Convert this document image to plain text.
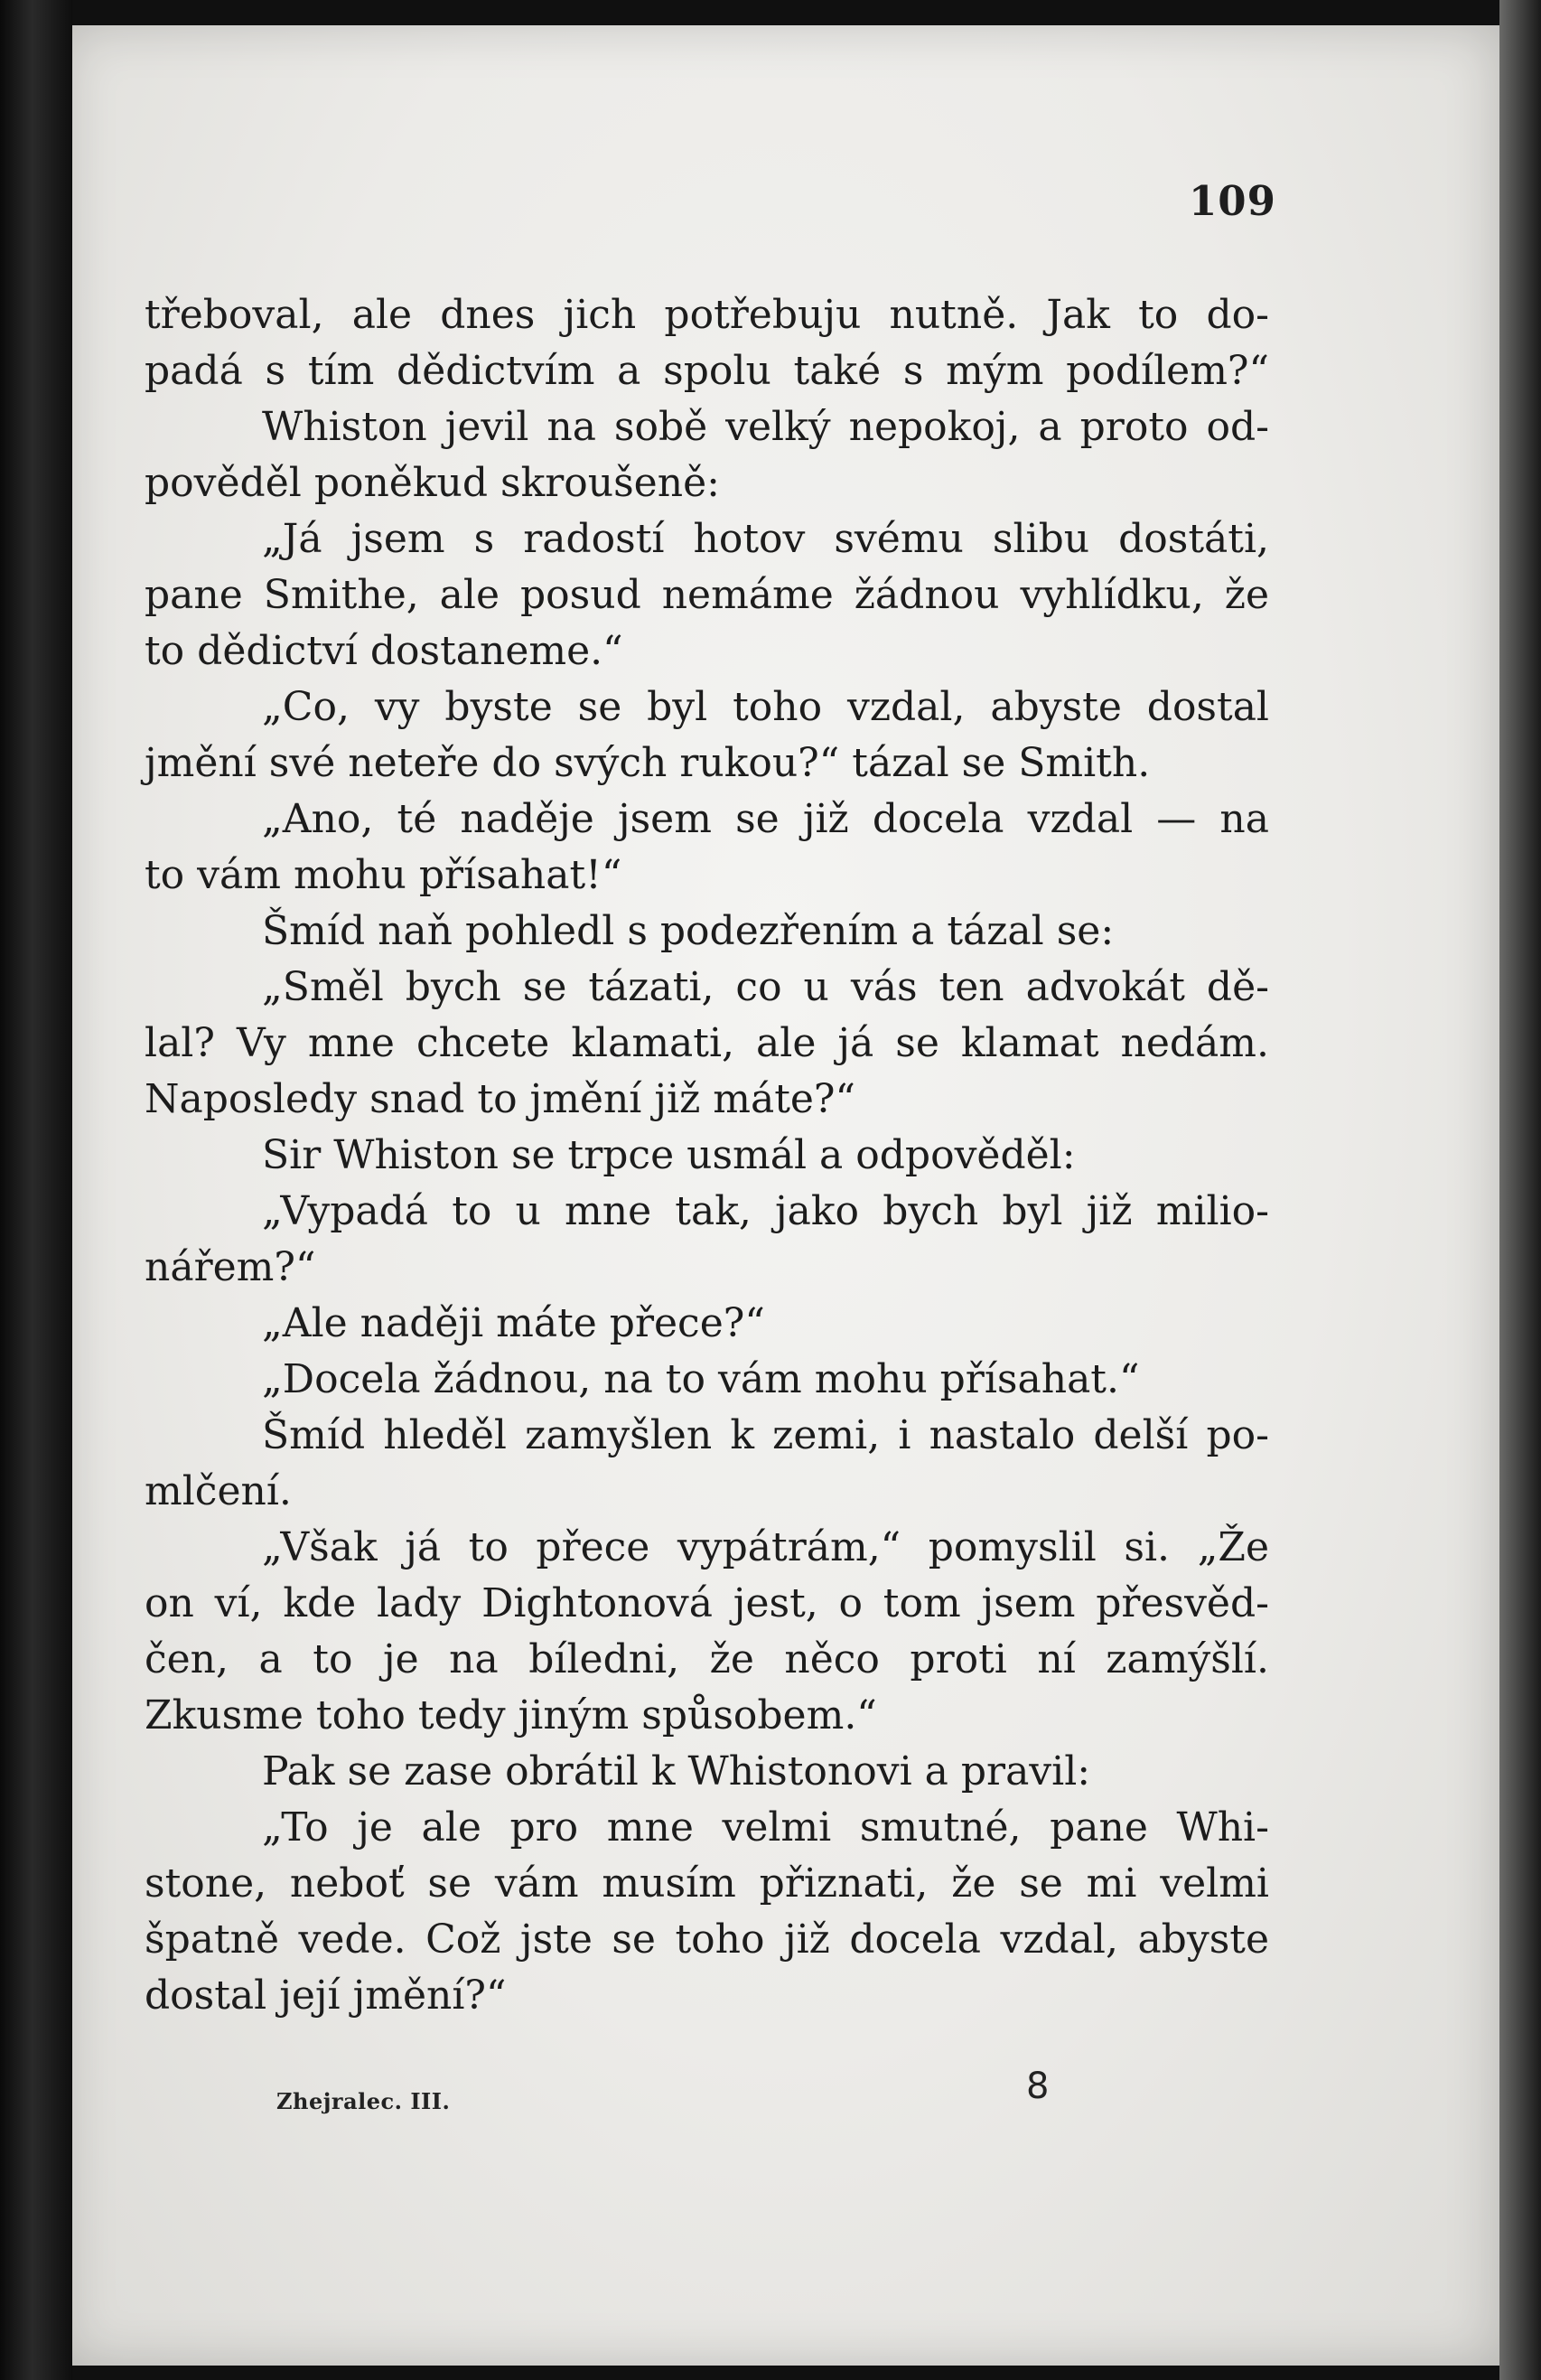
109
třeboval, ale dnes jich potřebuju nutně. Jak to do-
padá s tím dědictvím a spolu také s mým podílem?“
Whiston jevil na sobě velký nepokoj, a proto od-
pověděl poněkud skroušeně:
„Já jsem s radostí hotov svému slibu dostáti,
pane Smithe, ale posud nemáme žádnou vyhlídku, že
to dědictví dostaneme.“
„Co, vy byste se byl toho vzdal, abyste dostal
jmění své neteře do svých rukou?“ tázal se Smith.
„Ano, té naděje jsem se již docela vzdal — na
to vám mohu přísahat!“
Šmíd naň pohledl s podezřením a tázal se:
„Směl bych se tázati, co u vás ten advokát dě-
lal? Vy mne chcete klamati, ale já se klamat nedám.
Naposledy snad to jmění již máte?“
Sir Whiston se trpce usmál a odpověděl:
„Vypadá to u mne tak, jako bych byl již milio-
nářem?“
„Ale naději máte přece?“
„Docela žádnou, na to vám mohu přísahat.“
Šmíd hleděl zamyšlen k zemi, i nastalo delší po-
mlčení.
„Však já to přece vypátrám,“ pomyslil si. „Že
on ví, kde lady Dightonová jest, o tom jsem přesvěd-
čen, a to je na bíledni, že něco proti ní zamýšlí.
Zkusme toho tedy jiným spůsobem.“
Pak se zase obrátil k Whistonovi a pravil:
„To je ale pro mne velmi smutné, pane Whi-
stone, neboť se vám musím přiznati, že se mi velmi
špatně vede. Což jste se toho již docela vzdal, abyste
dostal její jmění?“
Zhejralec. III.	8
